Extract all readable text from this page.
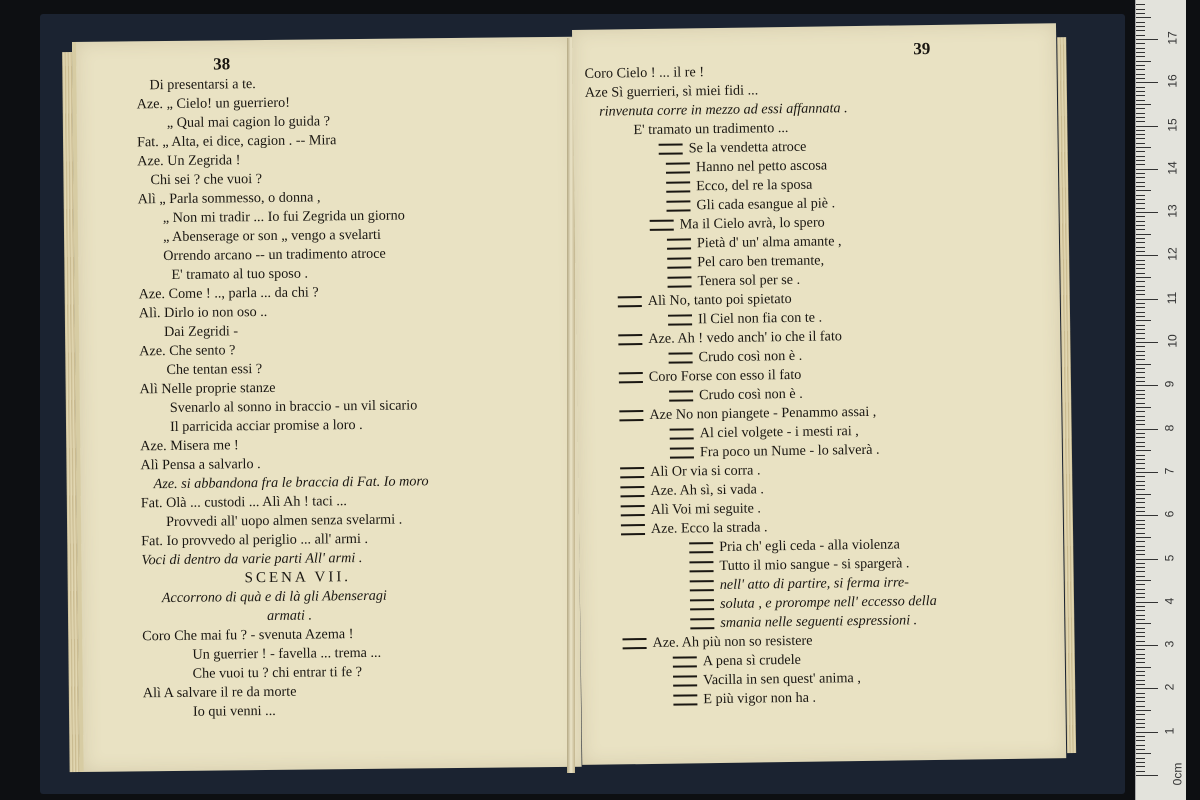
38
Di presentarsi a te.
Aze. „ Cielo! un guerriero!
„ Qual mai cagion lo guida ?
Fat. „ Alta, ei dice, cagion . -- Mira
Aze. Un Zegrida !
Chi sei ? che vuoi ?
Alì „ Parla sommesso, o donna ,
„ Non mi tradir ... Io fui Zegrida un giorno
„ Abenserage or son „ vengo a svelarti
Orrendo arcano -- un tradimento atroce
E' tramato al tuo sposo .
Aze. Come ! .., parla ... da chi ?
Alì. Dirlo io non oso ..
Dai Zegridi -
Aze. Che sento ?
Che tentan essi ?
Alì Nelle proprie stanze
Svenarlo al sonno in braccio - un vil sicario
Il parricida acciar promise a loro .
Aze. Misera me !
Alì Pensa a salvarlo .
Aze. si abbandona fra le braccia di Fat. Io moro
Fat. Olà ... custodi ... Alì Ah ! taci ...
Provvedi all' uopo almen senza svelarmi .
Fat. Io provvedo al periglio ... all' armi .
Voci di dentro da varie parti All' armi .
SCENA VII.
Accorrono di quà e di là gli Abenseragi
armati .
Coro Che mai fu ? - svenuta Azema !
Un guerrier ! - favella ... trema ...
Che vuoi tu ? chi entrar ti fe ?
Alì A salvare il re da morte
Io qui venni ...
39
Coro Cielo ! ... il re !
Aze Sì guerrieri, sì miei fidi ...
rinvenuta corre in mezzo ad essi affannata .
E' tramato un tradimento ...
Se la vendetta atroce
Hanno nel petto ascosa
Ecco, del re la sposa
Gli cada esangue al piè .
Ma il Cielo avrà, lo spero
Pietà d' un' alma amante ,
Pel caro ben tremante,
Tenera sol per se .
Alì No, tanto poi spietato
Il Ciel non fia con te .
Aze. Ah ! vedo anch' io che il fato
Crudo così non è .
Coro Forse con esso il fato
Crudo così non è .
Aze No non piangete - Penammo assai ,
Al ciel volgete - i mesti rai ,
Fra poco un Nume - lo salverà .
Alì Or via si corra .
Aze. Ah sì, si vada .
Alì Voi mi seguite .
Aze. Ecco la strada .
Pria ch' egli ceda - alla violenza
Tutto il mio sangue - si spargerà .
nell' atto di partire, si ferma irre-
soluta , e prorompe nell' eccesso della
smania nelle seguenti espressioni .
Aze. Ah più non so resistere
A pena sì crudele
Vacilla in sen quest' anima ,
E più vigor non ha .
0cm
1
2
3
4
5
6
7
8
9
10
11
12
13
14
15
16
17
